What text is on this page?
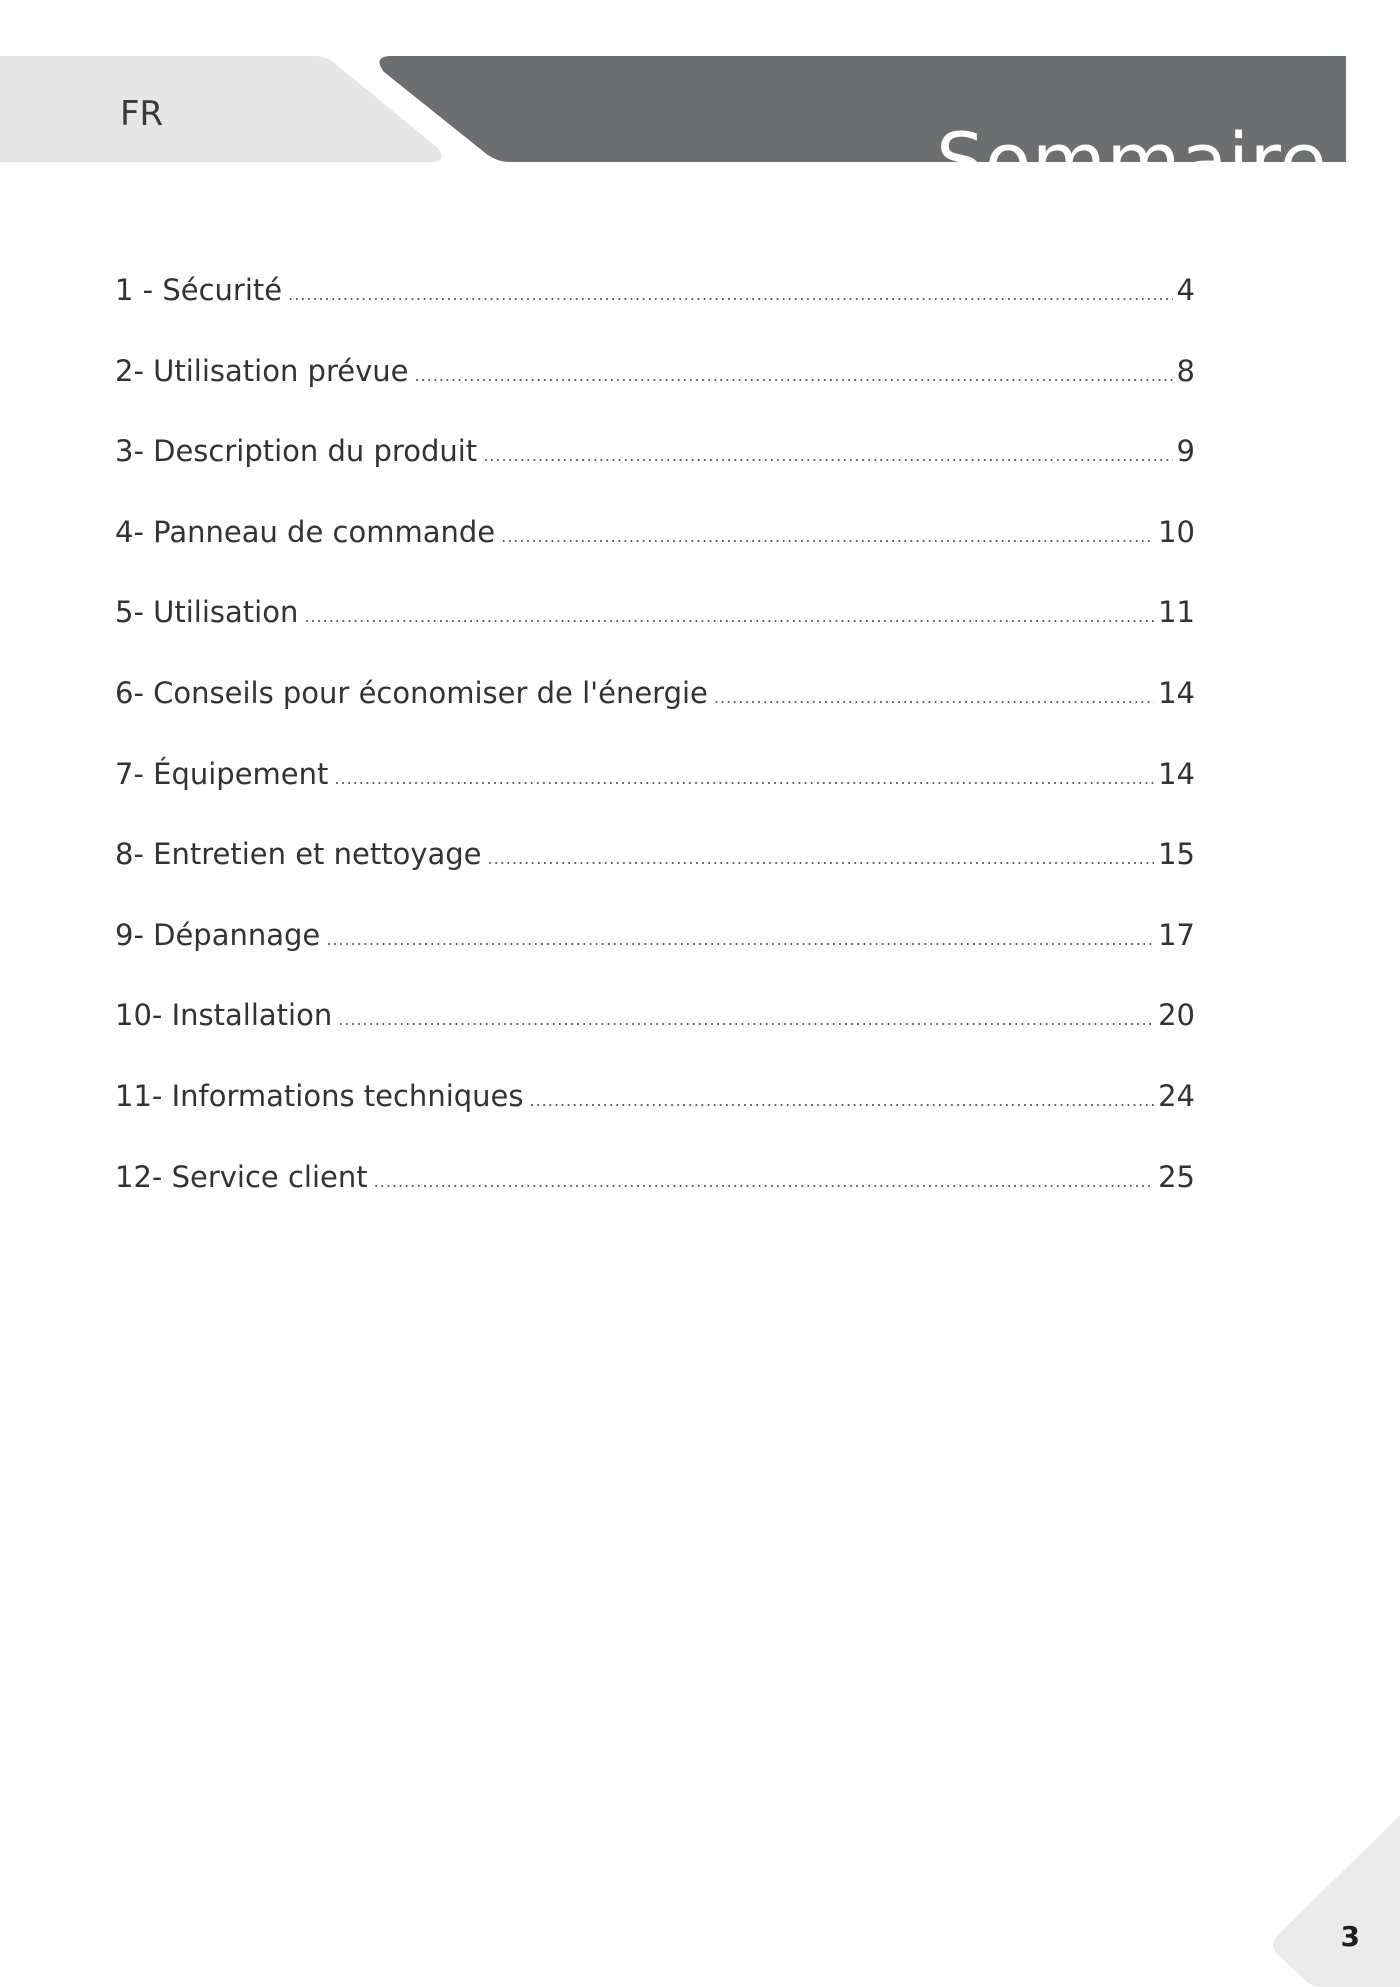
FR
Sommaire
1 - Sécurité .....	4
2- Utilisation prévue .....	8
3- Description du produit .....	9
4- Panneau de commande .....	10
5- Utilisation .....	11
6- Conseils pour économiser de l'énergie .....	14
7- Équipement .....	14
8- Entretien et nettoyage .....	15
9- Dépannage .....	17
10- Installation .....	20
11- Informations techniques .....	24
12- Service client .....	25
3
